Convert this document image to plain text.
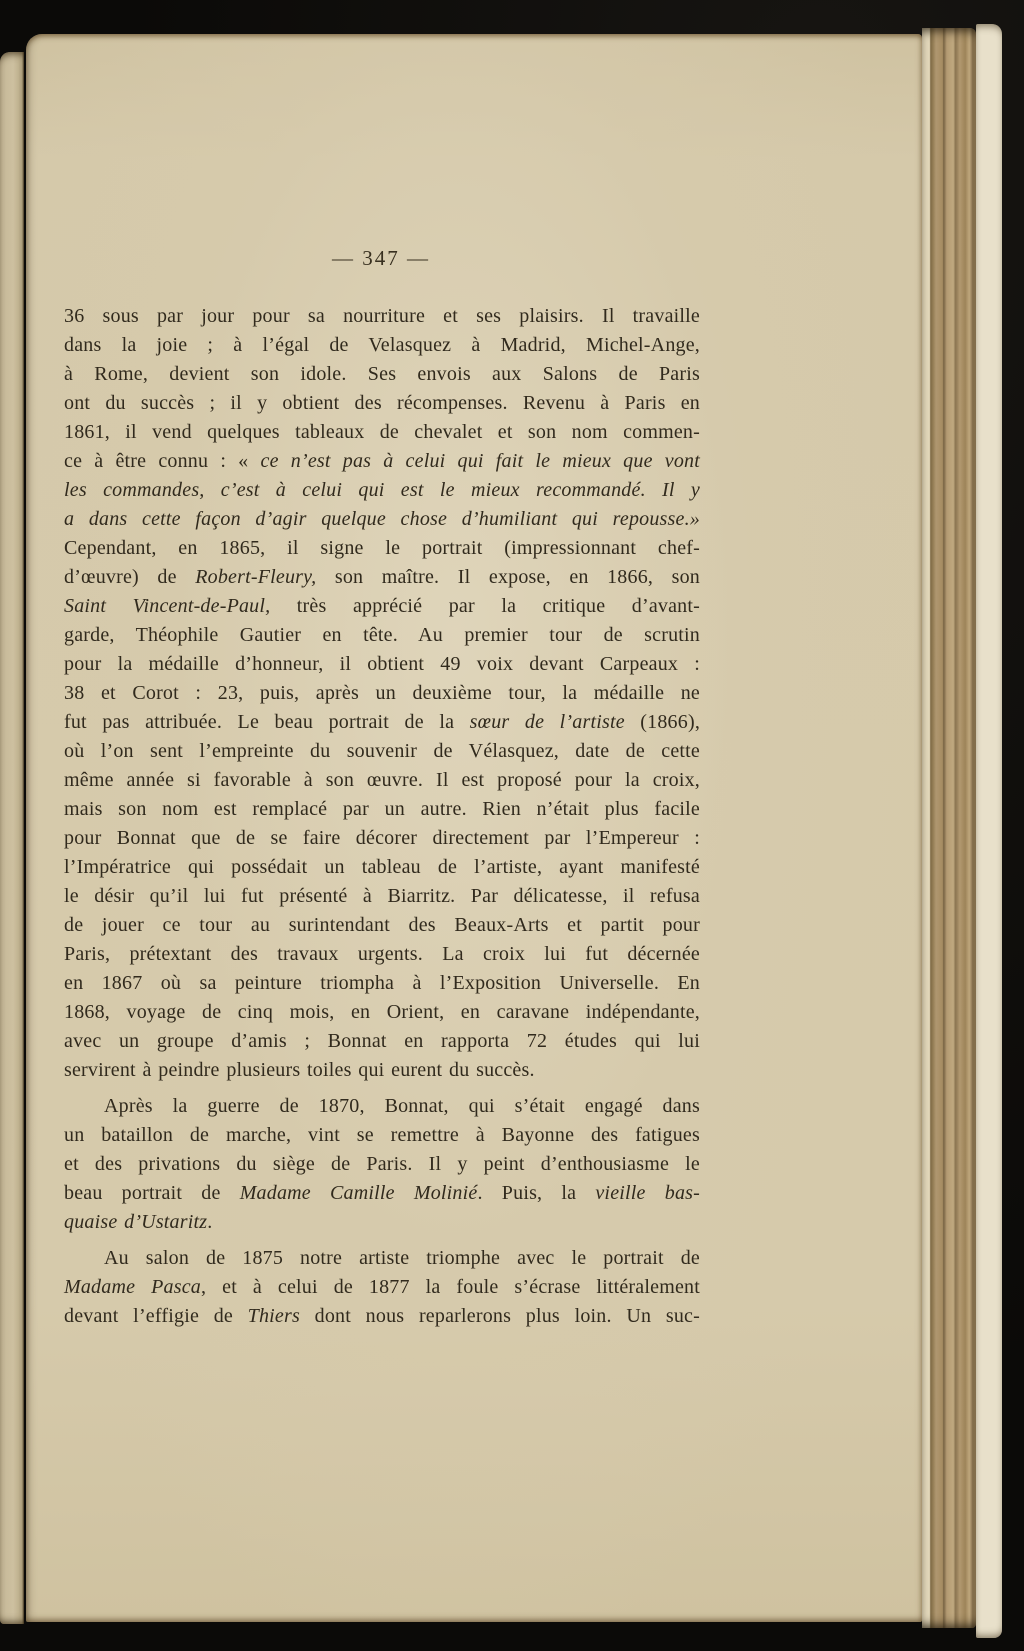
— 347 —
36 sous par jour pour sa nourriture et ses plaisirs. Il travaille
dans la joie ; à l’égal de Velasquez à Madrid, Michel-Ange,
à Rome, devient son idole. Ses envois aux Salons de Paris
ont du succès ; il y obtient des récompenses. Revenu à Paris en
1861, il vend quelques tableaux de chevalet et son nom commen-
ce à être connu : « ce n’est pas à celui qui fait le mieux que vont
les commandes, c’est à celui qui est le mieux recommandé. Il y
a dans cette façon d’agir quelque chose d’humiliant qui repousse.»
Cependant, en 1865, il signe le portrait (impressionnant chef-
d’œuvre) de Robert-Fleury, son maître. Il expose, en 1866, son
Saint Vincent-de-Paul, très apprécié par la critique d’avant-
garde, Théophile Gautier en tête. Au premier tour de scrutin
pour la médaille d’honneur, il obtient 49 voix devant Carpeaux :
38 et Corot : 23, puis, après un deuxième tour, la médaille ne
fut pas attribuée. Le beau portrait de la sœur de l’artiste (1866),
où l’on sent l’empreinte du souvenir de Vélasquez, date de cette
même année si favorable à son œuvre. Il est proposé pour la croix,
mais son nom est remplacé par un autre. Rien n’était plus facile
pour Bonnat que de se faire décorer directement par l’Empereur :
l’Impératrice qui possédait un tableau de l’artiste, ayant manifesté
le désir qu’il lui fut présenté à Biarritz. Par délicatesse, il refusa
de jouer ce tour au surintendant des Beaux-Arts et partit pour
Paris, prétextant des travaux urgents. La croix lui fut décernée
en 1867 où sa peinture triompha à l’Exposition Universelle. En
1868, voyage de cinq mois, en Orient, en caravane indépendante,
avec un groupe d’amis ; Bonnat en rapporta 72 études qui lui
servirent à peindre plusieurs toiles qui eurent du succès.
Après la guerre de 1870, Bonnat, qui s’était engagé dans
un bataillon de marche, vint se remettre à Bayonne des fatigues
et des privations du siège de Paris. Il y peint d’enthousiasme le
beau portrait de Madame Camille Molinié. Puis, la vieille bas-
quaise d’Ustaritz.
Au salon de 1875 notre artiste triomphe avec le portrait de
Madame Pasca, et à celui de 1877 la foule s’écrase littéralement
devant l’effigie de Thiers dont nous reparlerons plus loin. Un suc-
